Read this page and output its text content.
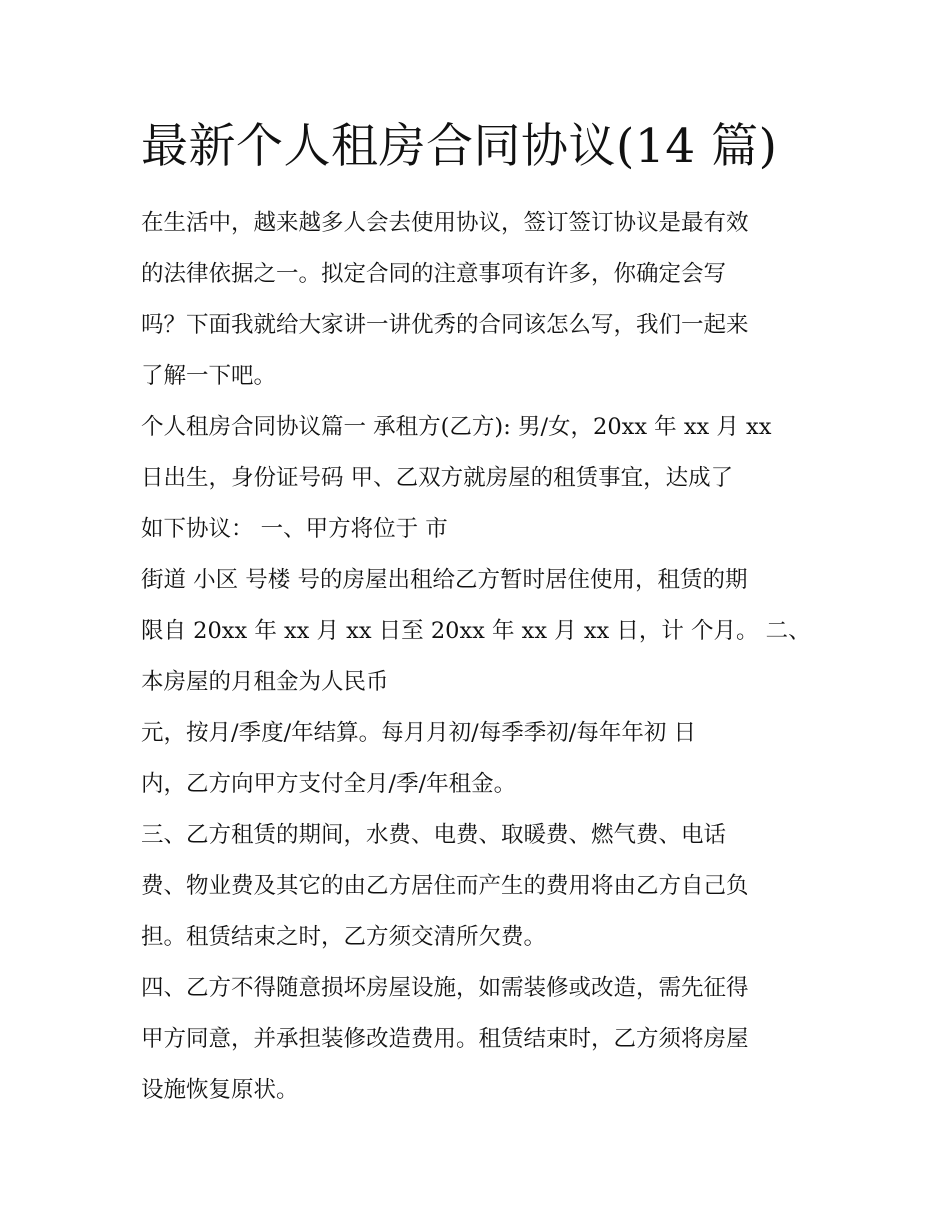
最新个人租房合同协议(14 篇)
在生活中，越来越多人会去使用协议，签订签订协议是最有效
的法律依据之一。拟定合同的注意事项有许多，你确定会写
吗？下面我就给大家讲一讲优秀的合同该怎么写，我们一起来
了解一下吧。
个人租房合同协议篇一 承租方(乙方): 男/女，20xx 年 xx 月 xx
日出生，身份证号码 甲、乙双方就房屋的租赁事宜，达成了
如下协议： 一、甲方将位于 市
街道 小区 号楼 号的房屋出租给乙方暂时居住使用，租赁的期
限自 20xx 年 xx 月 xx 日至 20xx 年 xx 月 xx 日，计 个月。 二、
本房屋的月租金为人民币
元，按月/季度/年结算。每月月初/每季季初/每年年初 日
内，乙方向甲方支付全月/季/年租金。
三、乙方租赁的期间，水费、电费、取暖费、燃气费、电话
费、物业费及其它的由乙方居住而产生的费用将由乙方自己负
担。租赁结束之时，乙方须交清所欠费。
四、乙方不得随意损坏房屋设施，如需装修或改造，需先征得
甲方同意，并承担装修改造费用。租赁结束时，乙方须将房屋
设施恢复原状。
